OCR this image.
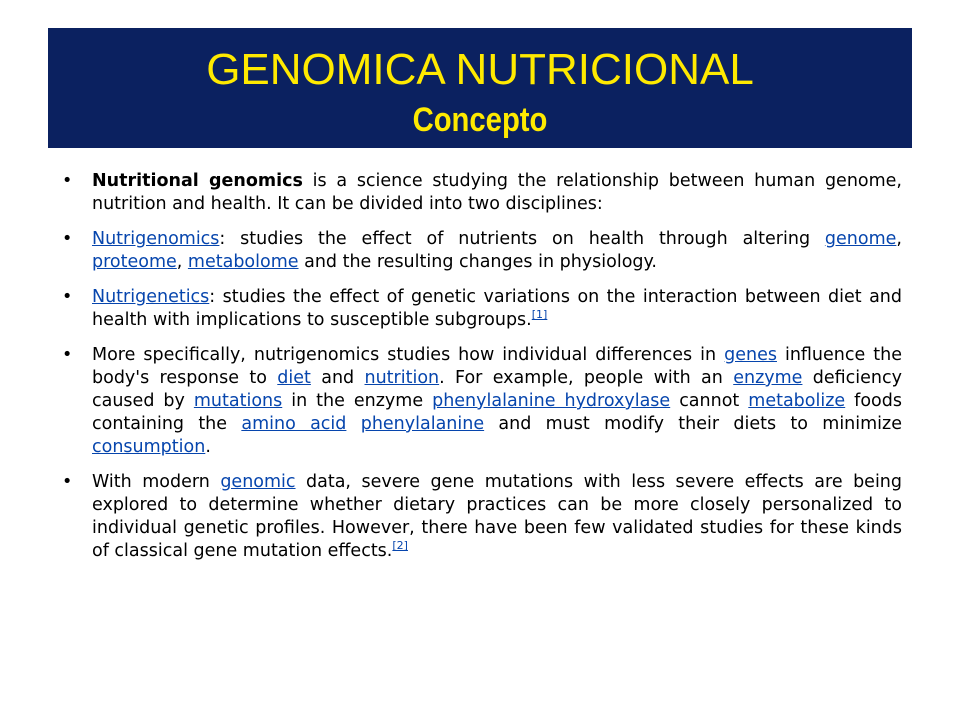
GENOMICA NUTRICIONAL
Concepto
•	Nutritional genomics is a science studying the relationship between human genome, nutrition and health. It can be divided into two disciplines:
•	Nutrigenomics: studies the effect of nutrients on health through altering genome, proteome, metabolome and the resulting changes in physiology.
•	Nutrigenetics: studies the effect of genetic variations on the interaction between diet and health with implications to susceptible subgroups.[1]
•	More specifically, nutrigenomics studies how individual differences in genes influence the body's response to diet and nutrition. For example, people with an enzyme deficiency caused by mutations in the enzyme phenylalanine hydroxylase cannot metabolize foods containing the amino acid phenylalanine and must modify their diets to minimize consumption.
•	With modern genomic data, severe gene mutations with less severe effects are being explored to determine whether dietary practices can be more closely personalized to individual genetic profiles. However, there have been few validated studies for these kinds of classical gene mutation effects.[2]
